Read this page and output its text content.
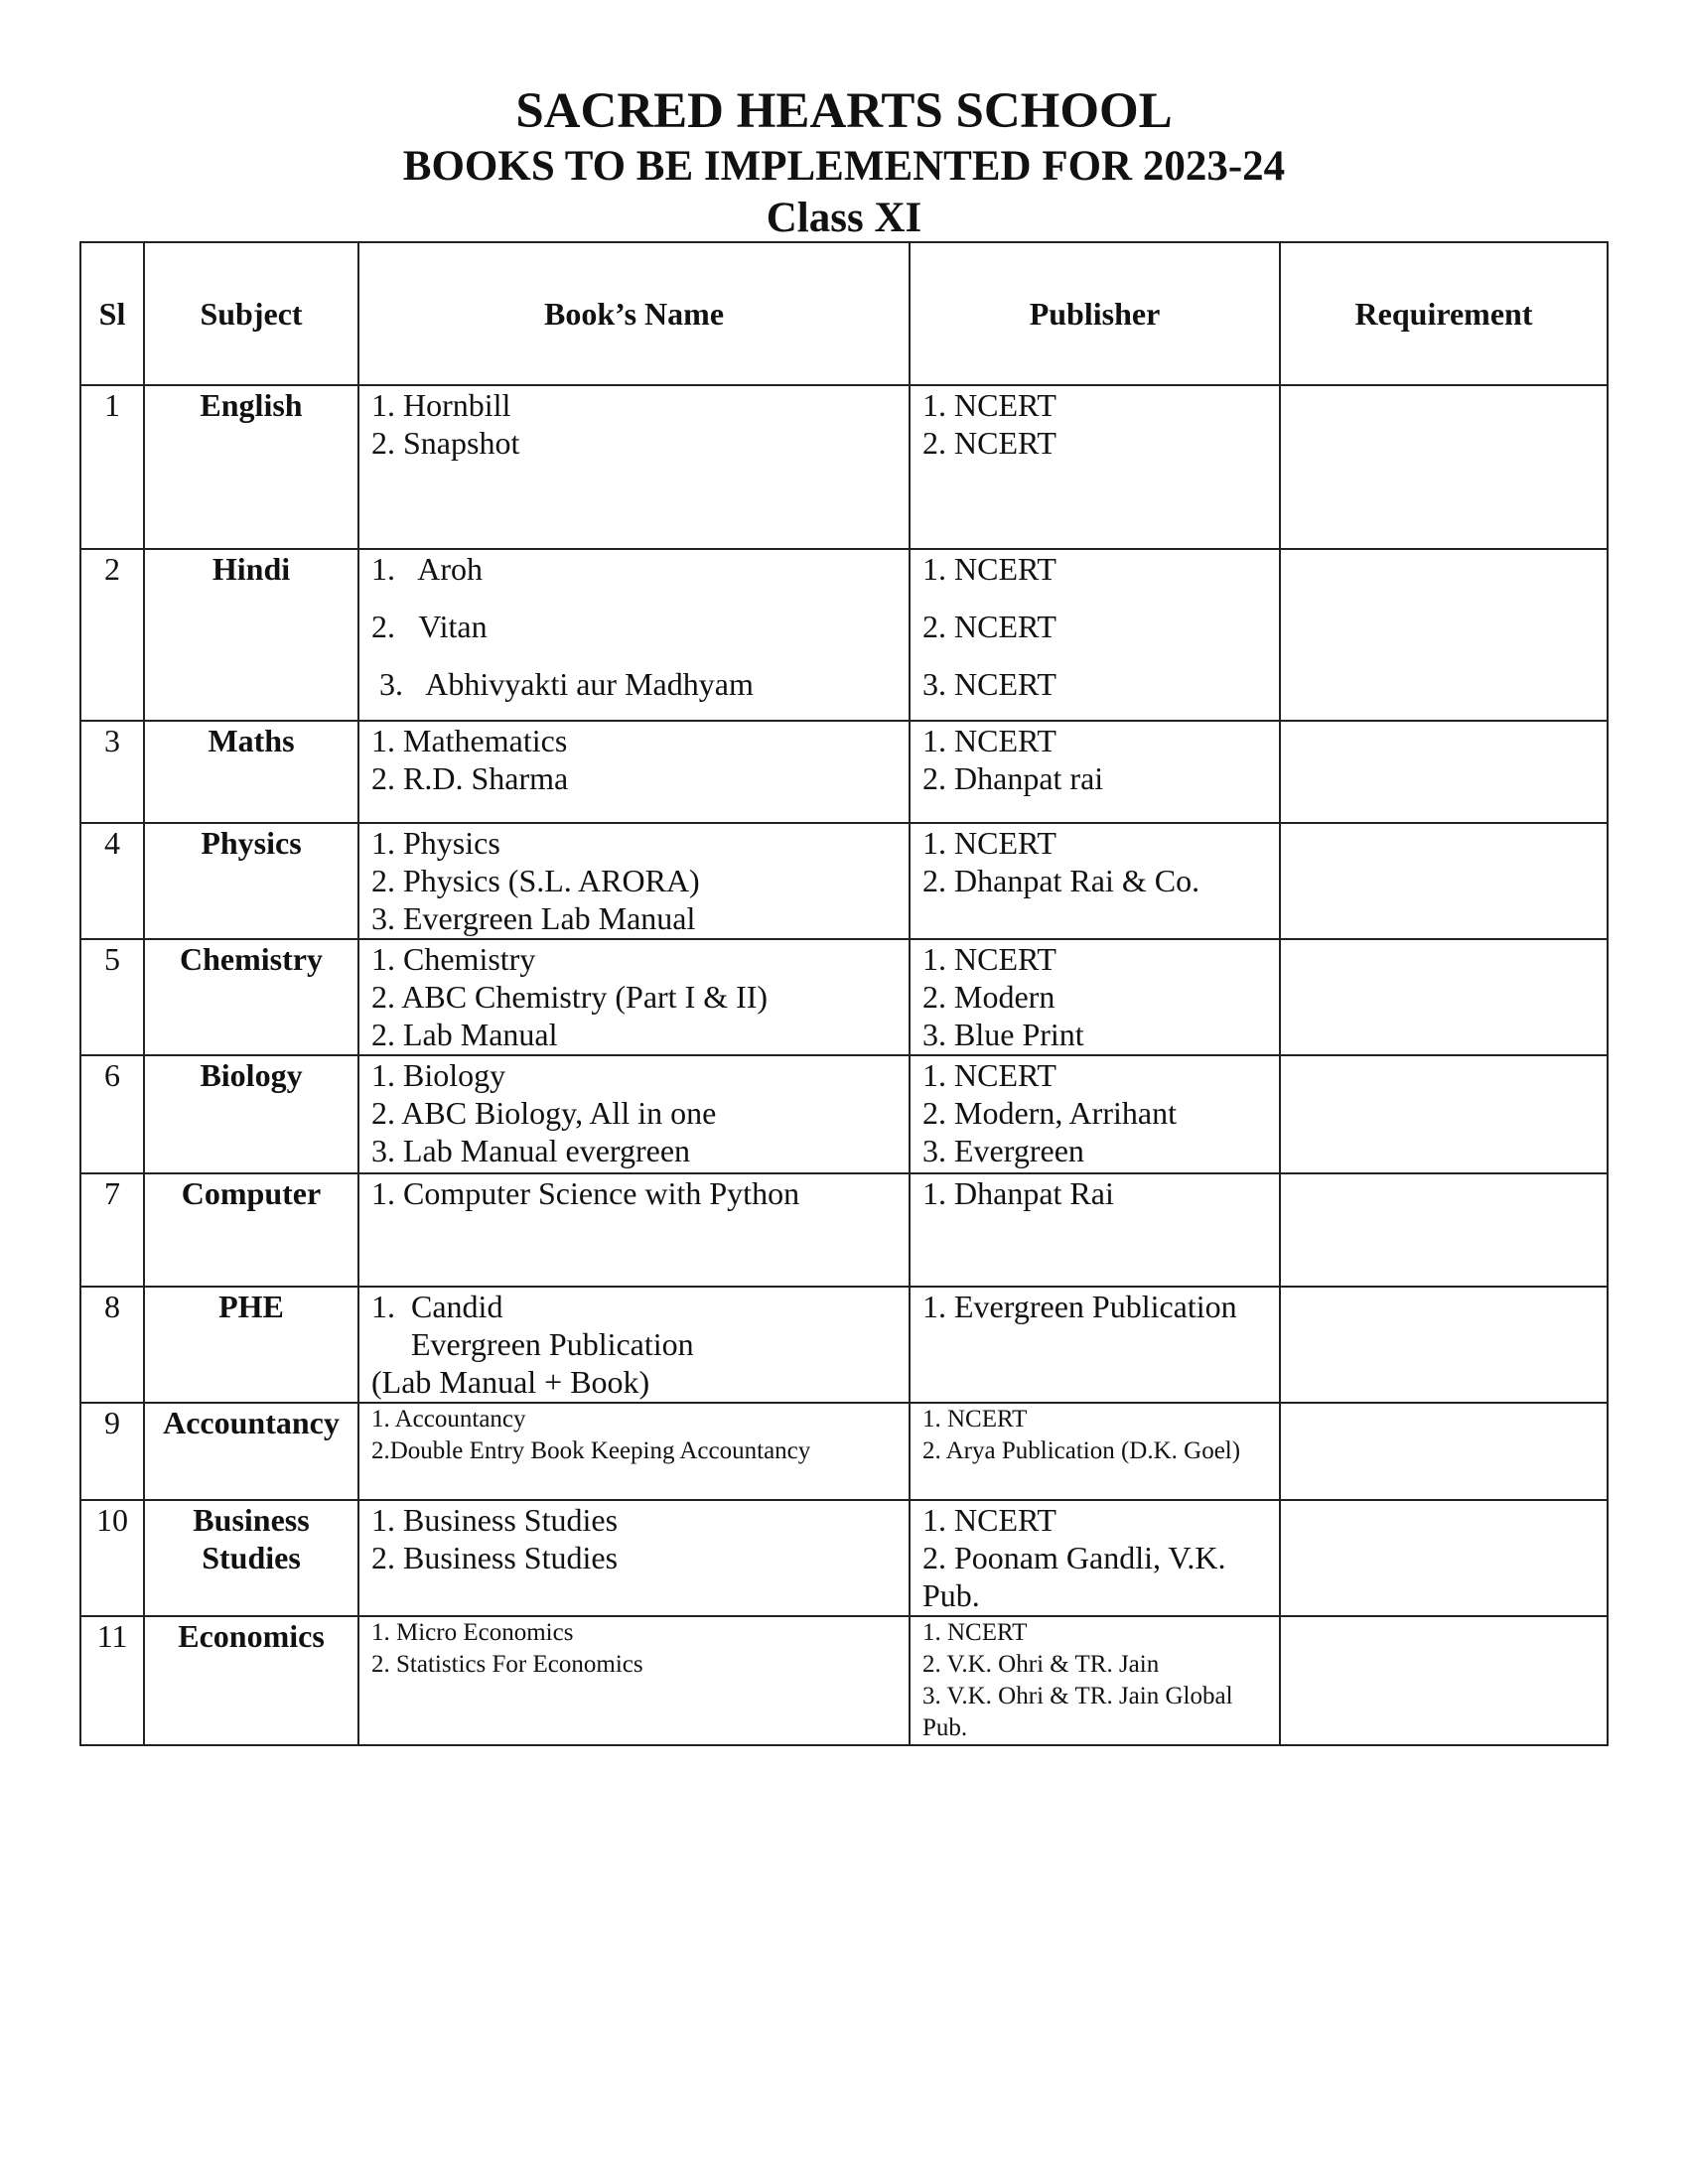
SACRED HEARTS SCHOOL
BOOKS TO BE IMPLEMENTED FOR 2023-24
Class XI
Sl	Subject	Book’s Name	Publisher	Requirement
1	English	1. Hornbill
2. Snapshot	1. NCERT
2. NCERT	

2	Hindi	1.   Aroh
2.   Vitan
3.   Abhivyakti aur Madhyam	1. NCERT
2. NCERT
3. NCERT	

3	Maths	1. Mathematics
2. R.D. Sharma	1. NCERT
2. Dhanpat rai	

4	Physics	1. Physics
2. Physics (S.L. ARORA)
3. Evergreen Lab Manual	1. NCERT
2. Dhanpat Rai & Co.	

5	Chemistry	1. Chemistry
2. ABC Chemistry (Part I & II)
2. Lab Manual	1. NCERT
2. Modern
3. Blue Print	

6	Biology	1. Biology
2. ABC Biology, All in one
3. Lab Manual evergreen	1. NCERT
2. Modern, Arrihant
3. Evergreen	

7	Computer	1. Computer Science with Python	1. Dhanpat Rai	

8	PHE	1.  Candid
Evergreen Publication
(Lab Manual + Book)	1. Evergreen Publication	

9	Accountancy	1. Accountancy
2.Double Entry Book Keeping Accountancy	1. NCERT
2. Arya Publication (D.K. Goel)	

10	Business Studies	1. Business Studies
2. Business Studies	1. NCERT
2. Poonam Gandli, V.K. Pub.	

11	Economics	1. Micro Economics
2. Statistics For Economics	1. NCERT
2. V.K. Ohri & TR. Jain
3. V.K. Ohri & TR. Jain Global Pub.	
